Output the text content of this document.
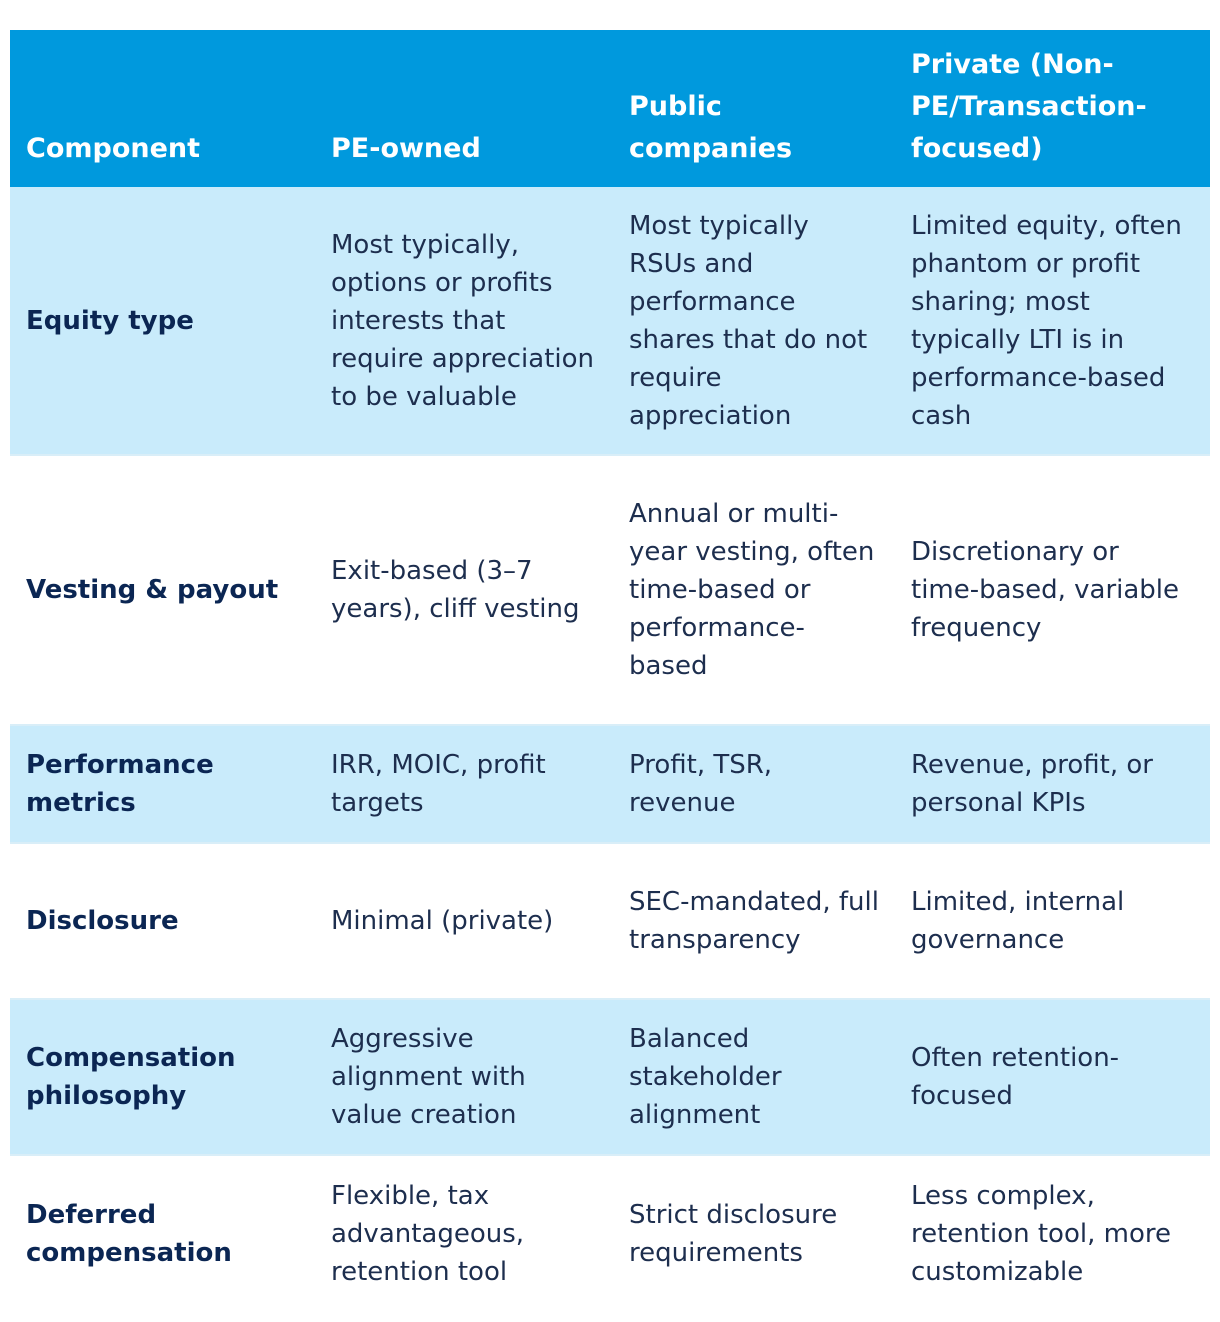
Component	PE-owned	Public companies	Private (Non-PE/Transaction-focused)
Equity type	Most typically, options or profits interests that require appreciation to be valuable	Most typically RSUs and performance shares that do not require appreciation	Limited equity, often phantom or profit sharing; most typically LTI is in performance-based cash
Vesting & payout	Exit-based (3–7 years), cliff vesting	Annual or multi-year vesting, often time-based or performance-based	Discretionary or time-based, variable frequency
Performance metrics	IRR, MOIC, profit targets	Profit, TSR, revenue	Revenue, profit, or personal KPIs
Disclosure	Minimal (private)	SEC-mandated, full transparency	Limited, internal governance
Compensation philosophy	Aggressive alignment with value creation	Balanced stakeholder alignment	Often retention-focused
Deferred compensation	Flexible, tax advantageous, retention tool	Strict disclosure requirements	Less complex, retention tool, more customizable
